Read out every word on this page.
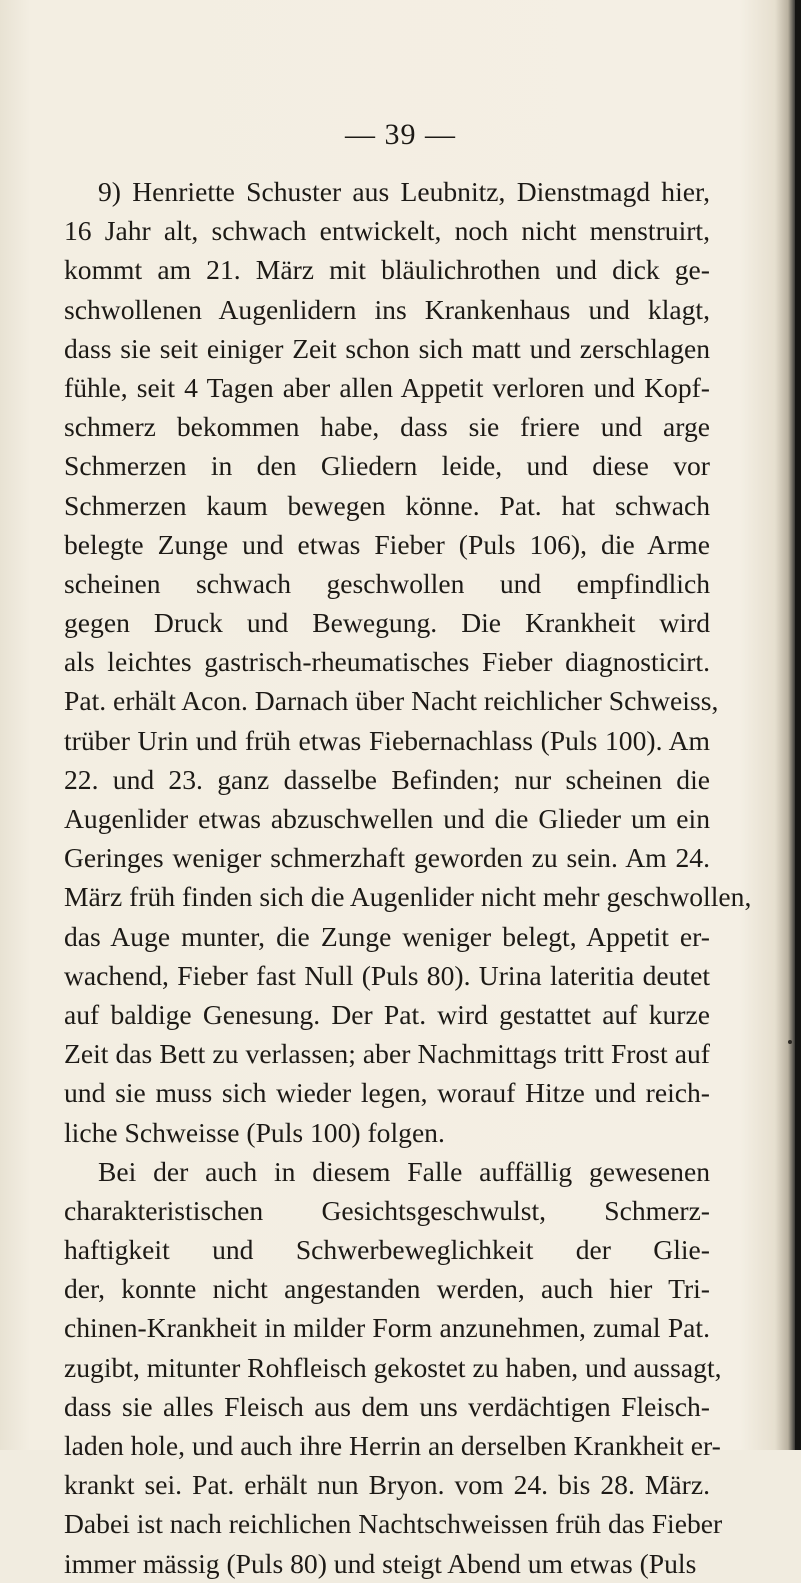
— 39 —
9) Henriette Schuster aus Leubnitz, Dienstmagd hier,
16 Jahr alt, schwach entwickelt, noch nicht menstruirt,
kommt am 21. März mit bläulichrothen und dick ge-
schwollenen Augenlidern ins Krankenhaus und klagt,
dass sie seit einiger Zeit schon sich matt und zerschlagen
fühle, seit 4 Tagen aber allen Appetit verloren und Kopf-
schmerz bekommen habe, dass sie friere und arge
Schmerzen in den Gliedern leide, und diese vor
Schmerzen kaum bewegen könne. Pat. hat schwach
belegte Zunge und etwas Fieber (Puls 106), die Arme
scheinen schwach geschwollen und empfindlich
gegen Druck und Bewegung. Die Krankheit wird
als leichtes gastrisch-rheumatisches Fieber diagnosticirt.
Pat. erhält Acon. Darnach über Nacht reichlicher Schweiss,
trüber Urin und früh etwas Fiebernachlass (Puls 100). Am
22. und 23. ganz dasselbe Befinden; nur scheinen die
Augenlider etwas abzuschwellen und die Glieder um ein
Geringes weniger schmerzhaft geworden zu sein. Am 24.
März früh finden sich die Augenlider nicht mehr geschwollen,
das Auge munter, die Zunge weniger belegt, Appetit er-
wachend, Fieber fast Null (Puls 80). Urina lateritia deutet
auf baldige Genesung. Der Pat. wird gestattet auf kurze
Zeit das Bett zu verlassen; aber Nachmittags tritt Frost auf
und sie muss sich wieder legen, worauf Hitze und reich-
liche Schweisse (Puls 100) folgen.
Bei der auch in diesem Falle auffällig gewesenen
charakteristischen Gesichtsgeschwulst, Schmerz-
haftigkeit und Schwerbeweglichkeit der Glie-
der, konnte nicht angestanden werden, auch hier Tri-
chinen-Krankheit in milder Form anzunehmen, zumal Pat.
zugibt, mitunter Rohfleisch gekostet zu haben, und aussagt,
dass sie alles Fleisch aus dem uns verdächtigen Fleisch-
laden hole, und auch ihre Herrin an derselben Krankheit er-
krankt sei. Pat. erhält nun Bryon. vom 24. bis 28. März.
Dabei ist nach reichlichen Nachtschweissen früh das Fieber
immer mässig (Puls 80) und steigt Abend um etwas (Puls
